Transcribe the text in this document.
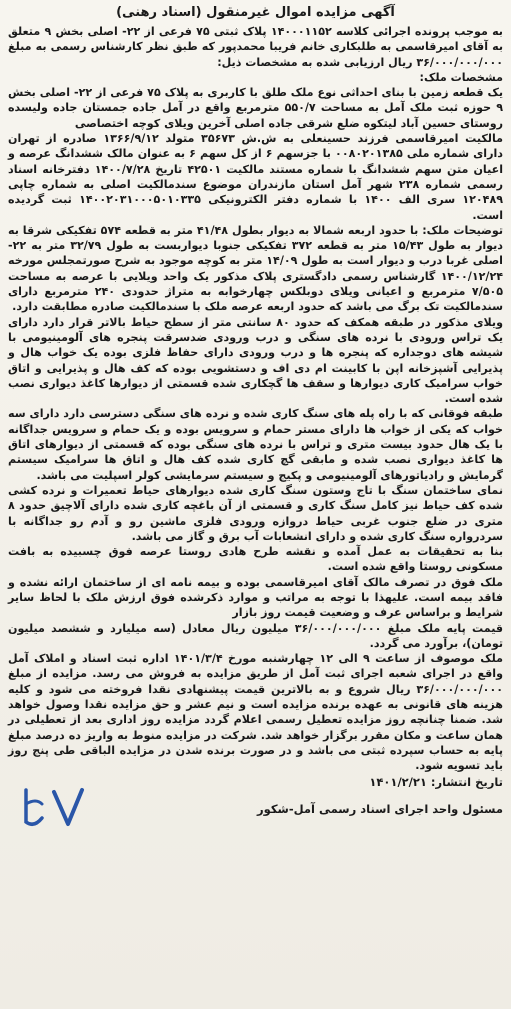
آگهی مزایده اموال غیرمنقول (اسناد رهنی)

به موجب پرونده اجرائی کلاسه ۱۴۰۰۰۱۱۵۲ پلاک ثبتی ۷۵ فرعی از ۲۲- اصلی بخش ۹ متعلق به آقای امیرقاسمی به طلبکاری خانم فریبا محمدپور که طبق نظر کارشناس رسمی به مبلغ ۳۶/۰۰۰/۰۰۰/۰۰۰ ریال ارزیابی شده به مشخصات ذیل:

مشخصات ملک:

یک قطعه زمین با بنای احداثی نوع ملک طلق با کاربری به پلاک ۷۵ فرعی از ۲۲- اصلی بخش ۹ حوزه ثبت ملک آمل به مساحت ۵۵۰/۷ مترمربع واقع در آمل جاده جمستان جاده ولیسده روستای حسین آباد لیتکوه ضلع شرقی جاده اصلی آخرین ویلای کوچه اختصاصی

مالکیت امیرقاسمی فرزند حسینعلی به ش.ش ۳۵۶۷۳ متولد ۱۳۶۶/۹/۱۲ صادره از تهران دارای شماره ملی ۰۰۸۰۲۰۱۳۸۵ با جزسهم ۶ از کل سهم ۶ به عنوان مالک ششدانگ عرصه و اعیان متن سهم ششدانگ با شماره مستند مالکیت ۴۲۵۰۱ تاریخ ۱۴۰۰/۷/۲۸ دفترخانه اسناد رسمی شماره ۲۳۸ شهر آمل استان مازندران موضوع سندمالکیت اصلی به شماره چاپی ۱۲۰۴۸۹ سری الف ۱۴۰۰ با شماره دفتر الکترونیکی ۱۴۰۰۲۰۳۱۰۰۰۵۰۱۰۳۳۵ ثبت گردیده است.

توضیحات ملک: با حدود اربعه شمالا به دیوار بطول ۴۱/۴۸ متر به قطعه ۵۷۴ تفکیکی شرقا به دیوار به طول ۱۵/۴۳ متر به قطعه ۳۷۲ تفکیکی جنوبا دیواربست به طول ۳۲/۷۹ متر به ۲۲- اصلی غربا درب و دیوار است به طول ۱۴/۰۹ متر به کوچه موجود به شرح صورتمجلس مورخه ۱۴۰۰/۱۲/۲۴ گارشناس رسمی دادگستری پلاک مذکور یک واحد ویلایی با عرصه به مساحت ۷/۵۰۵ مترمربع و اعیانی ویلای دوبلکس چهارخوابه به متراژ حدودی ۲۴۰ مترمربع دارای سندمالکیت تک برگ می باشد که حدود اربعه عرصه ملک با سندمالکیت صادره مطابقت دارد.

ویلای مذکور در طبقه همکف که حدود ۸۰ سانتی متر از سطح حیاط بالاتر قرار دارد دارای یک تراس ورودی با نرده های سنگی و درب ورودی ضدسرقت پنجره های آلومینیومی با شیشه های دوجداره که پنجره ها و درب ورودی دارای حفاظ فلزی بوده یک خواب هال و پذیرایی آشپزخانه اپن با کابینت ام دی اف و دستشویی بوده که کف هال و پذیرایی و اتاق خواب سرامیک کاری دیوارها و سقف ها گچکاری شده قسمتی از دیوارها کاغذ دیواری نصب شده است.

طبقه فوقانی که با راه پله های سنگ کاری شده و نرده های سنگی دسترسی دارد دارای سه خواب که یکی از خواب ها دارای مستر حمام و سرویس بوده و یک حمام و سرویس جداگانه با یک هال حدود بیست متری و تراس با نرده های سنگی بوده که قسمتی از دیوارهای اتاق ها کاغذ دیواری نصب شده و مابقی گچ کاری شده کف هال و اتاق ها سرامیک سیستم گرمایش و رادیاتورهای آلومینیومی و پکیج و سیستم سرمایشی کولر اسپلیت می باشد.

نمای ساختمان سنگ با تاج وستون سنگ کاری شده دیوارهای حیاط تعمیرات و نرده کشی شده کف حیاط نیز کامل سنگ کاری و قسمتی از آن باغچه کاری شده دارای آلاچیق حدود ۸ متری در ضلع جنوب غربی حیاط دروازه ورودی فلزی ماشین رو و آدم رو جداگانه با سردرواره سنگ کاری شده و دارای انشعابات آب برق و گاز می باشد.

بنا به تحقیقات به عمل آمده و نقشه طرح هادی روستا عرصه فوق چسبیده به بافت مسکونی روستا واقع شده است.

ملک فوق در تصرف مالک آقای امیرقاسمی بوده و بیمه نامه ای از ساختمان ارائه نشده و فاقد بیمه است. علیهذا با توجه به مراتب و موارد ذکرشده فوق ارزش ملک با لحاظ سایر شرایط و براساس عرف و وضعیت قیمت روز بازار

قیمت پایه ملک مبلغ ۳۶/۰۰۰/۰۰۰/۰۰۰ میلیون ریال معادل (سه میلیارد و ششصد میلیون تومان)، برآورد می گردد.

ملک موصوف از ساعت ۹ الی ۱۲ چهارشنبه مورخ ۱۴۰۱/۳/۴ اداره ثبت اسناد و املاک آمل واقع در اجرای شعبه اجرای ثبت آمل از طریق مزایده به فروش می رسد. مزایده از مبلغ ۳۶/۰۰۰/۰۰۰/۰۰۰ ریال شروع و به بالاترین قیمت پیشنهادی نقدا فروخته می شود و کلیه هزینه های قانونی به عهده برنده مزایده است و نیم عشر و حق مزایده نقدا وصول خواهد شد. ضمنا چنانچه روز مزایده تعطیل رسمی اعلام گردد مزایده روز اداری بعد از تعطیلی در همان ساعت و مکان مقرر برگزار خواهد شد. شرکت در مزایده منوط به واریز ده درصد مبلغ پایه به حساب سپرده ثبتی می باشد و در صورت برنده شدن در مزایده الباقی طی پنج روز باید تسویه شود.

تاریخ انتشار: ۱۴۰۱/۲/۲۱

مسئول واحد اجرای اسناد رسمی آمل-شکور
